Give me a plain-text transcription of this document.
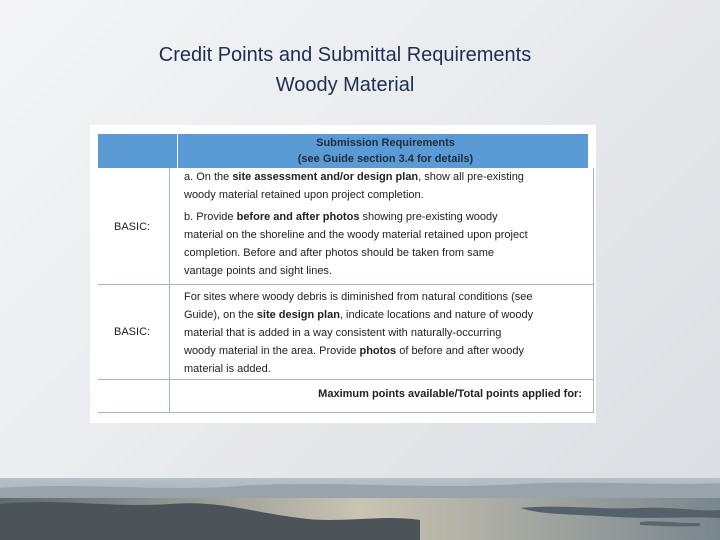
Credit Points and Submittal Requirements
Woody Material
Submission Requirements
(see Guide section 3.4 for details)
BASIC:
a. On the site assessment and/or design plan, show all pre-existing
woody material retained upon project completion.
b. Provide before and after photos showing pre-existing woody
material on the shoreline and the woody material retained upon project
completion. Before and after photos should be taken from same
vantage points and sight lines.
BASIC:
For sites where woody debris is diminished from natural conditions (see
Guide), on the site design plan, indicate locations and nature of woody
material that is added in a way consistent with naturally-occurring
woody material in the area. Provide photos of before and after woody
material is added.
Maximum points available/Total points applied for:
